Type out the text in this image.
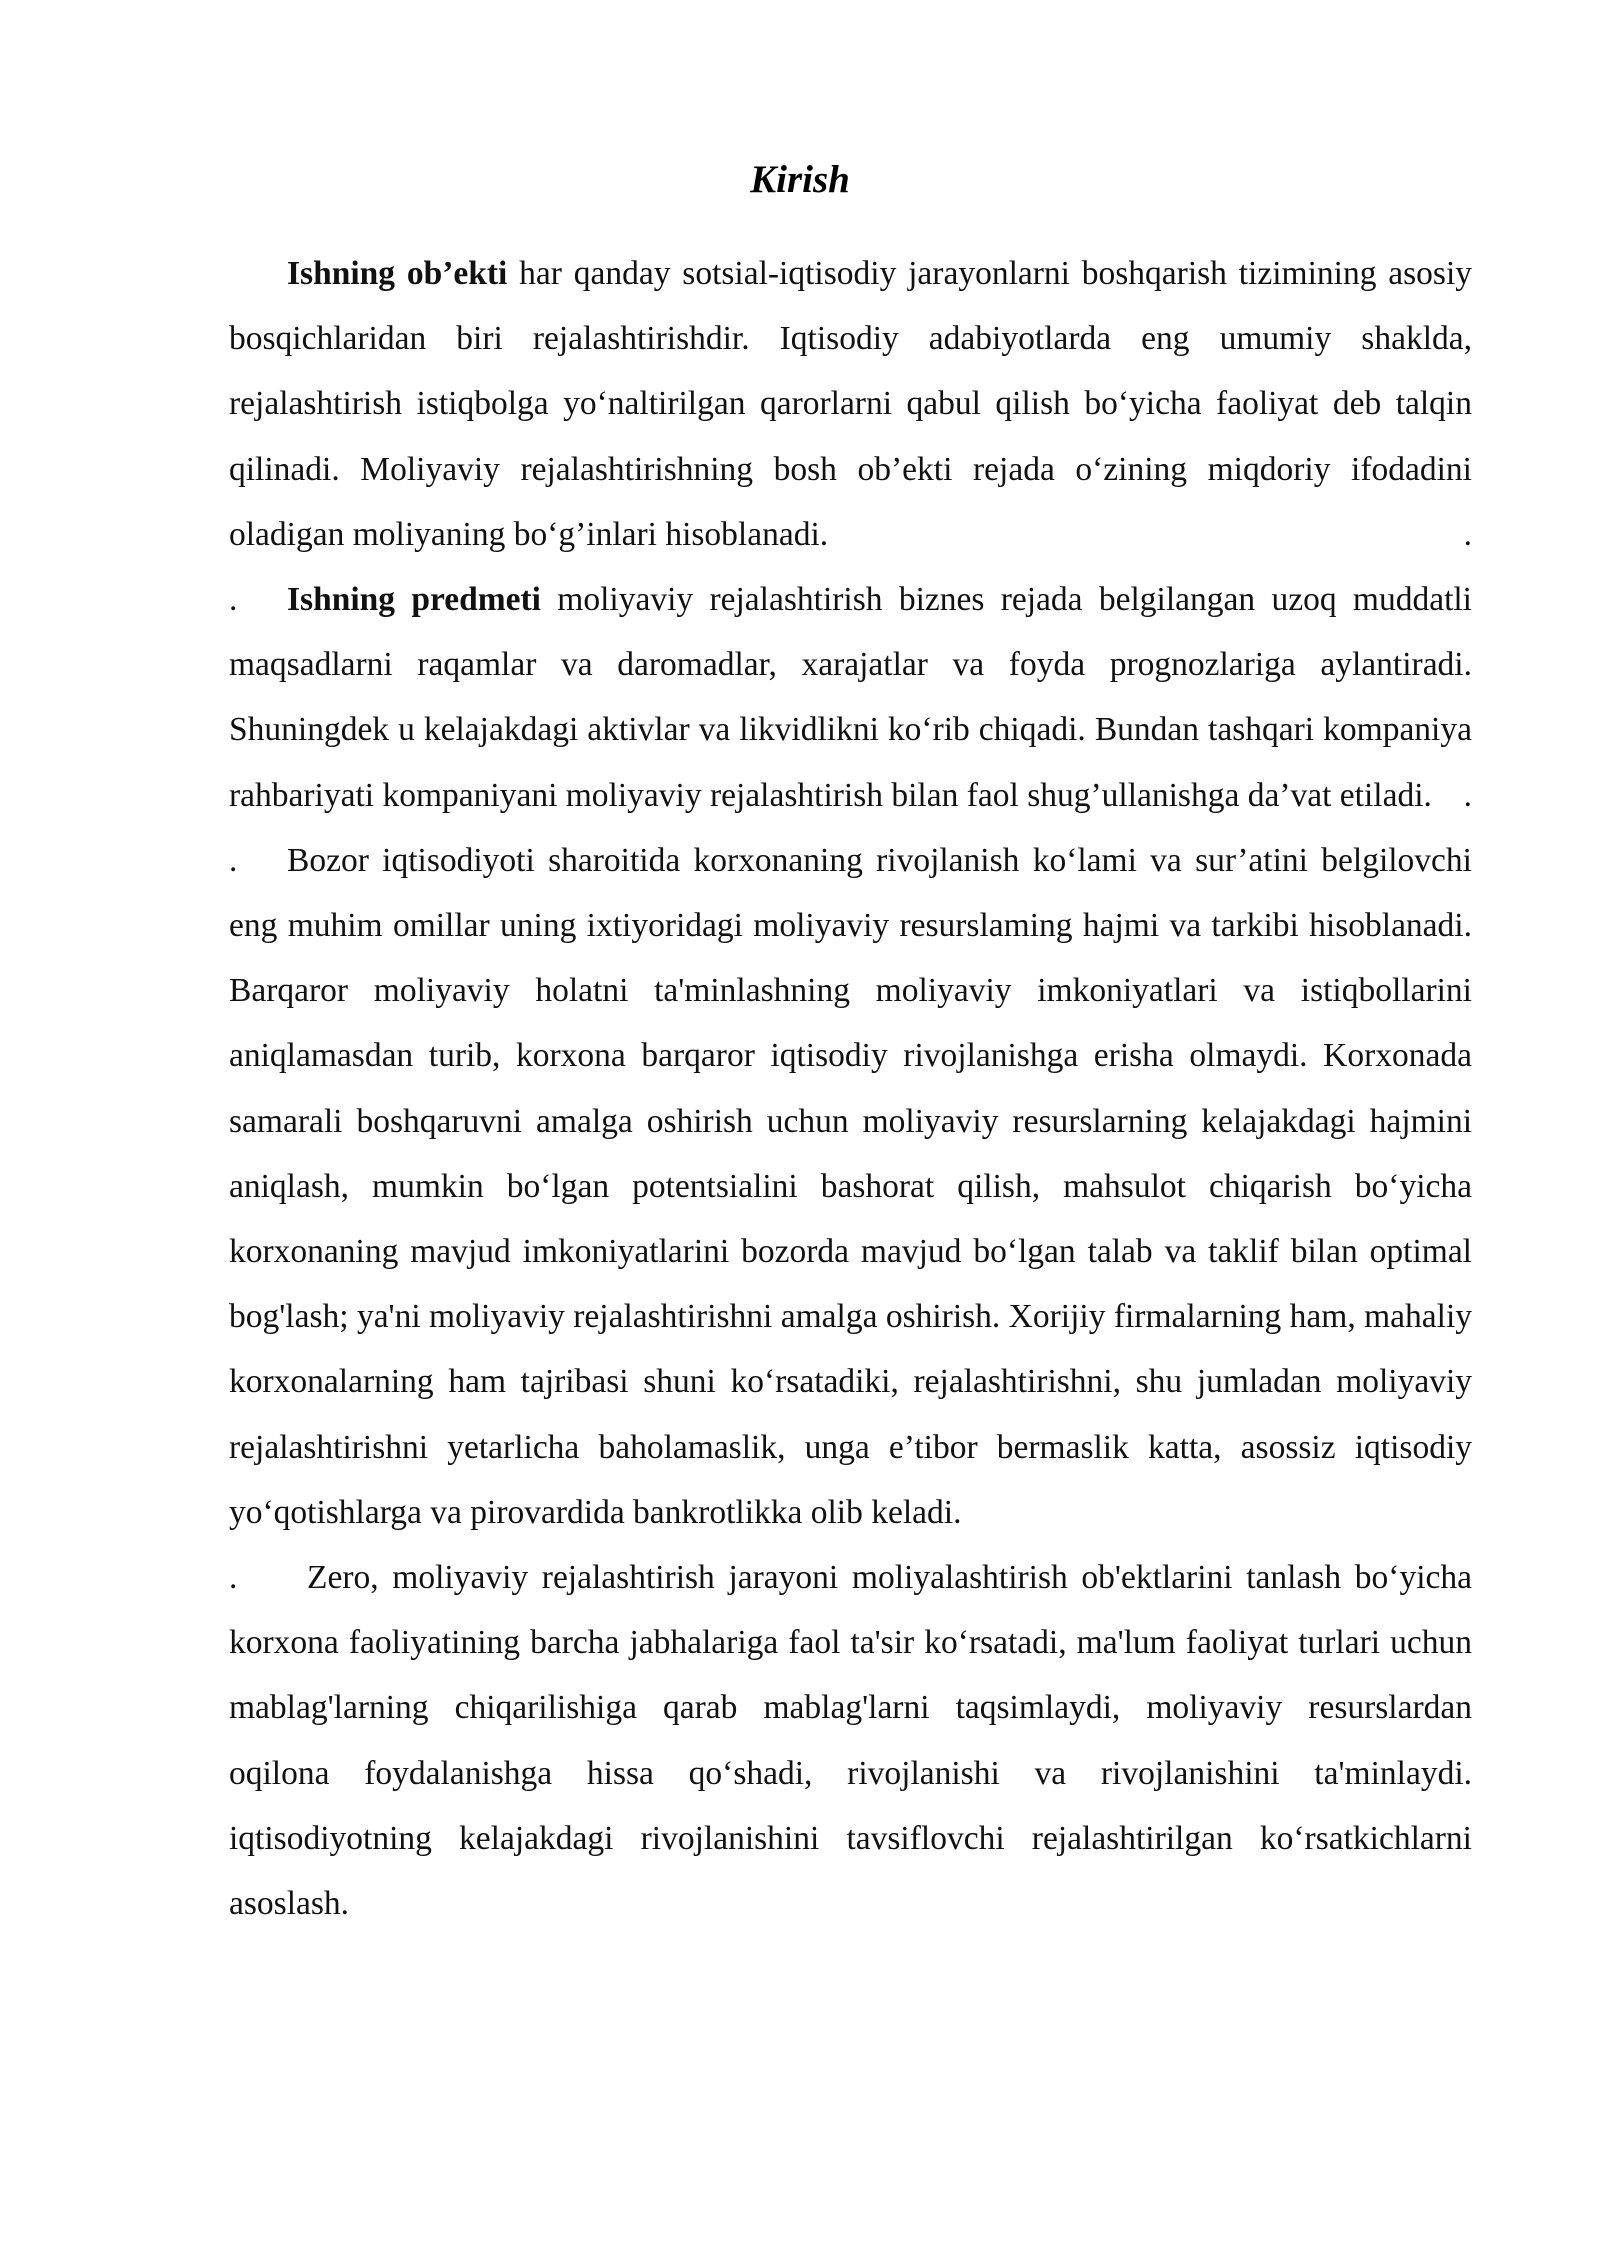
Kirish

Ishning ob’ekti har qanday sotsial-iqtisodiy jarayonlarni boshqarish tizimining asosiy bosqichlaridan biri rejalashtirishdir. Iqtisodiy adabiyotlarda eng umumiy shaklda, rejalashtirish istiqbolga yo‘naltirilgan qarorlarni qabul qilish bo‘yicha faoliyat deb talqin qilinadi. Moliyaviy rejalashtirishning bosh ob’ekti rejada o‘zining miqdoriy ifodadini oladigan moliyaning bo‘g’inlari hisoblanadi.	.

. Ishning predmeti moliyaviy rejalashtirish biznes rejada belgilangan uzoq muddatli maqsadlarni raqamlar va daromadlar, xarajatlar va foyda prognozlariga aylantiradi. Shuningdek u kelajakdagi aktivlar va likvidlikni ko‘rib chiqadi. Bundan tashqari kompaniya rahbariyati kompaniyani moliyaviy rejalashtirish bilan faol shug’ullanishga da’vat etiladi. .

. Bozor iqtisodiyoti sharoitida korxonaning rivojlanish ko‘lami va sur’atini belgilovchi eng muhim omillar uning ixtiyoridagi moliyaviy resurslaming hajmi va tarkibi hisoblanadi. Barqaror moliyaviy holatni ta'minlashning moliyaviy imkoniyatlari va istiqbollarini aniqlamasdan turib, korxona barqaror iqtisodiy rivojlanishga erisha olmaydi. Korxonada samarali boshqaruvni amalga oshirish uchun moliyaviy resurslarning kelajakdagi hajmini aniqlash, mumkin bo‘lgan potentsialini bashorat qilish, mahsulot chiqarish bo‘yicha korxonaning mavjud imkoniyatlarini bozorda mavjud bo‘lgan talab va taklif bilan optimal bog'lash; ya'ni moliyaviy rejalashtirishni amalga oshirish. Xorijiy firmalarning ham, mahaliy korxonalarning ham tajribasi shuni ko‘rsatadiki, rejalashtirishni, shu jumladan moliyaviy rejalashtirishni yetarlicha baholamaslik, unga e’tibor bermaslik katta, asossiz iqtisodiy yo‘qotishlarga va pirovardida bankrotlikka olib keladi.

. Zero, moliyaviy rejalashtirish jarayoni moliyalashtirish ob'ektlarini tanlash bo‘yicha korxona faoliyatining barcha jabhalariga faol ta'sir ko‘rsatadi, ma'lum faoliyat turlari uchun mablag'larning chiqarilishiga qarab mablag'larni taqsimlaydi, moliyaviy resurslardan oqilona foydalanishga hissa qo‘shadi, rivojlanishi va rivojlanishini ta'minlaydi. iqtisodiyotning kelajakdagi rivojlanishini tavsiflovchi rejalashtirilgan ko‘rsatkichlarni asoslash.
